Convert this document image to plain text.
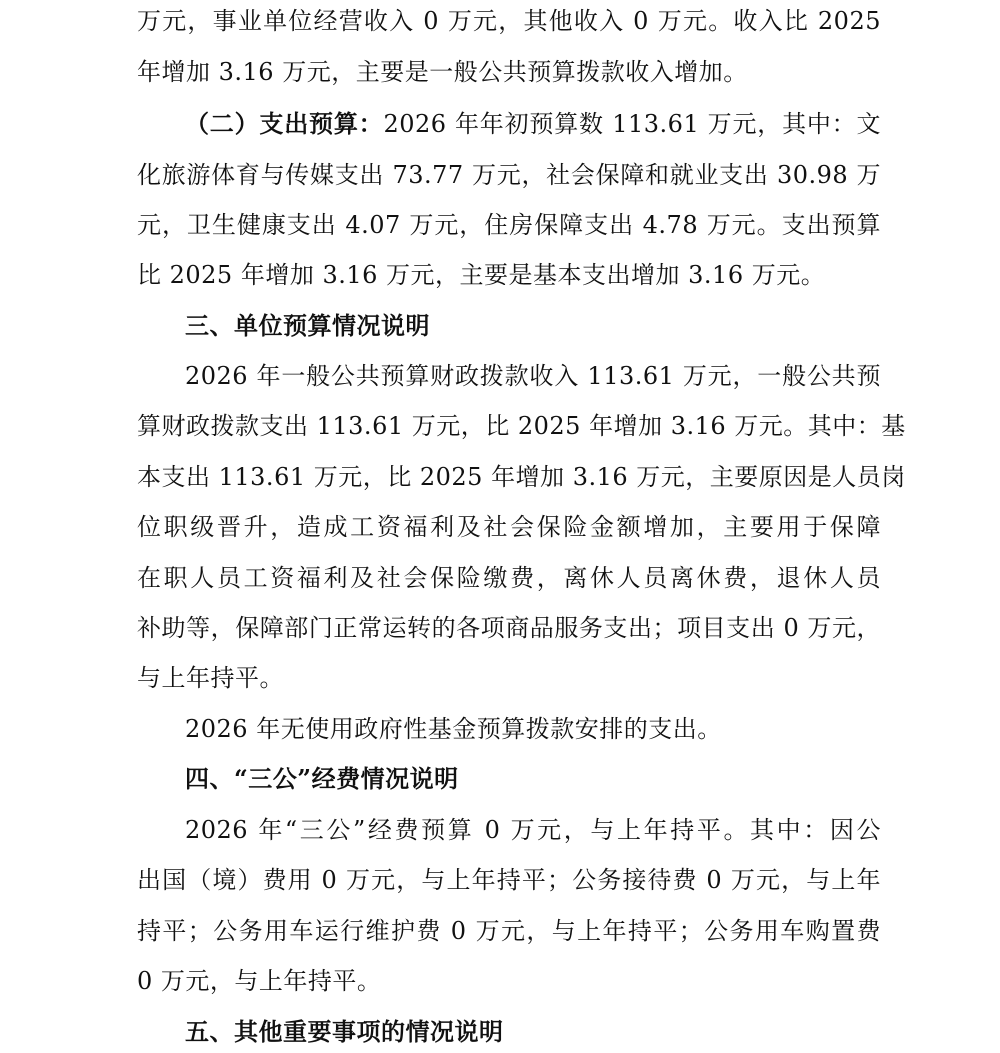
万元，事业单位经营收入 0 万元，其他收入 0 万元。收入比 2025
年增加 3.16 万元，主要是一般公共预算拨款收入增加。
（二）支出预算：2026 年年初预算数 113.61 万元，其中：文
化旅游体育与传媒支出 73.77 万元，社会保障和就业支出 30.98 万
元，卫生健康支出 4.07 万元，住房保障支出 4.78 万元。支出预算
比 2025 年增加 3.16 万元，主要是基本支出增加 3.16 万元。
三、单位预算情况说明
2026 年一般公共预算财政拨款收入 113.61 万元，一般公共预
算财政拨款支出 113.61 万元，比 2025 年增加 3.16 万元。其中：基
本支出 113.61 万元，比 2025 年增加 3.16 万元，主要原因是人员岗
位职级晋升，造成工资福利及社会保险金额增加，主要用于保障
在职人员工资福利及社会保险缴费，离休人员离休费，退休人员
补助等，保障部门正常运转的各项商品服务支出；项目支出 0 万元，
与上年持平。
2026 年无使用政府性基金预算拨款安排的支出。
四、“三公”经费情况说明
2026 年“三公”经费预算 0 万元，与上年持平。其中：因公
出国（境）费用 0 万元，与上年持平；公务接待费 0 万元，与上年
持平；公务用车运行维护费 0 万元，与上年持平；公务用车购置费
0 万元，与上年持平。
五、其他重要事项的情况说明
